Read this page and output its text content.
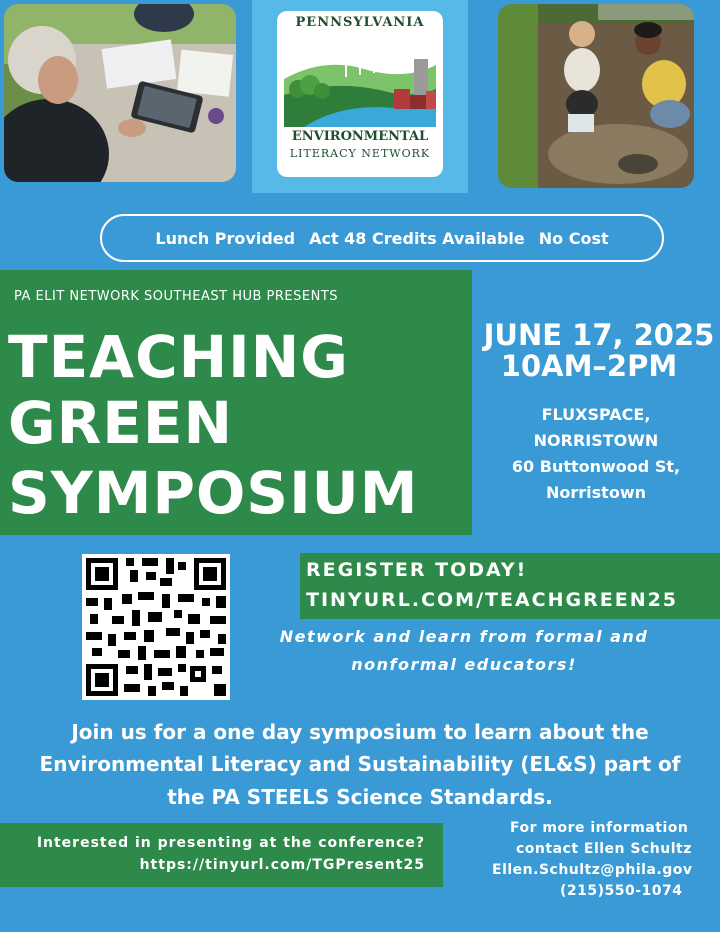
PENNSYLVANIA
ENVIRONMENTAL
LITERACY NETWORK
Lunch Provided Act 48 Credits Available No Cost
PA ELIT NETWORK SOUTHEAST HUB PRESENTS
TEACHING
GREEN
SYMPOSIUM
JUNE 17, 2025
10AM–2PM
FLUXSPACE,
NORRISTOWN
60 Buttonwood St,
Norristown
REGISTER TODAY!
TINYURL.COM/TEACHGREEN25
Network and learn from formal and
nonformal educators!
Join us for a one day symposium to learn about the
Environmental Literacy and Sustainability (EL&S) part of
the PA STEELS Science Standards.
Interested in presenting at the conference?
https://tinyurl.com/TGPresent25
For more information
contact Ellen Schultz
Ellen.Schultz@phila.gov
(215)550-1074
